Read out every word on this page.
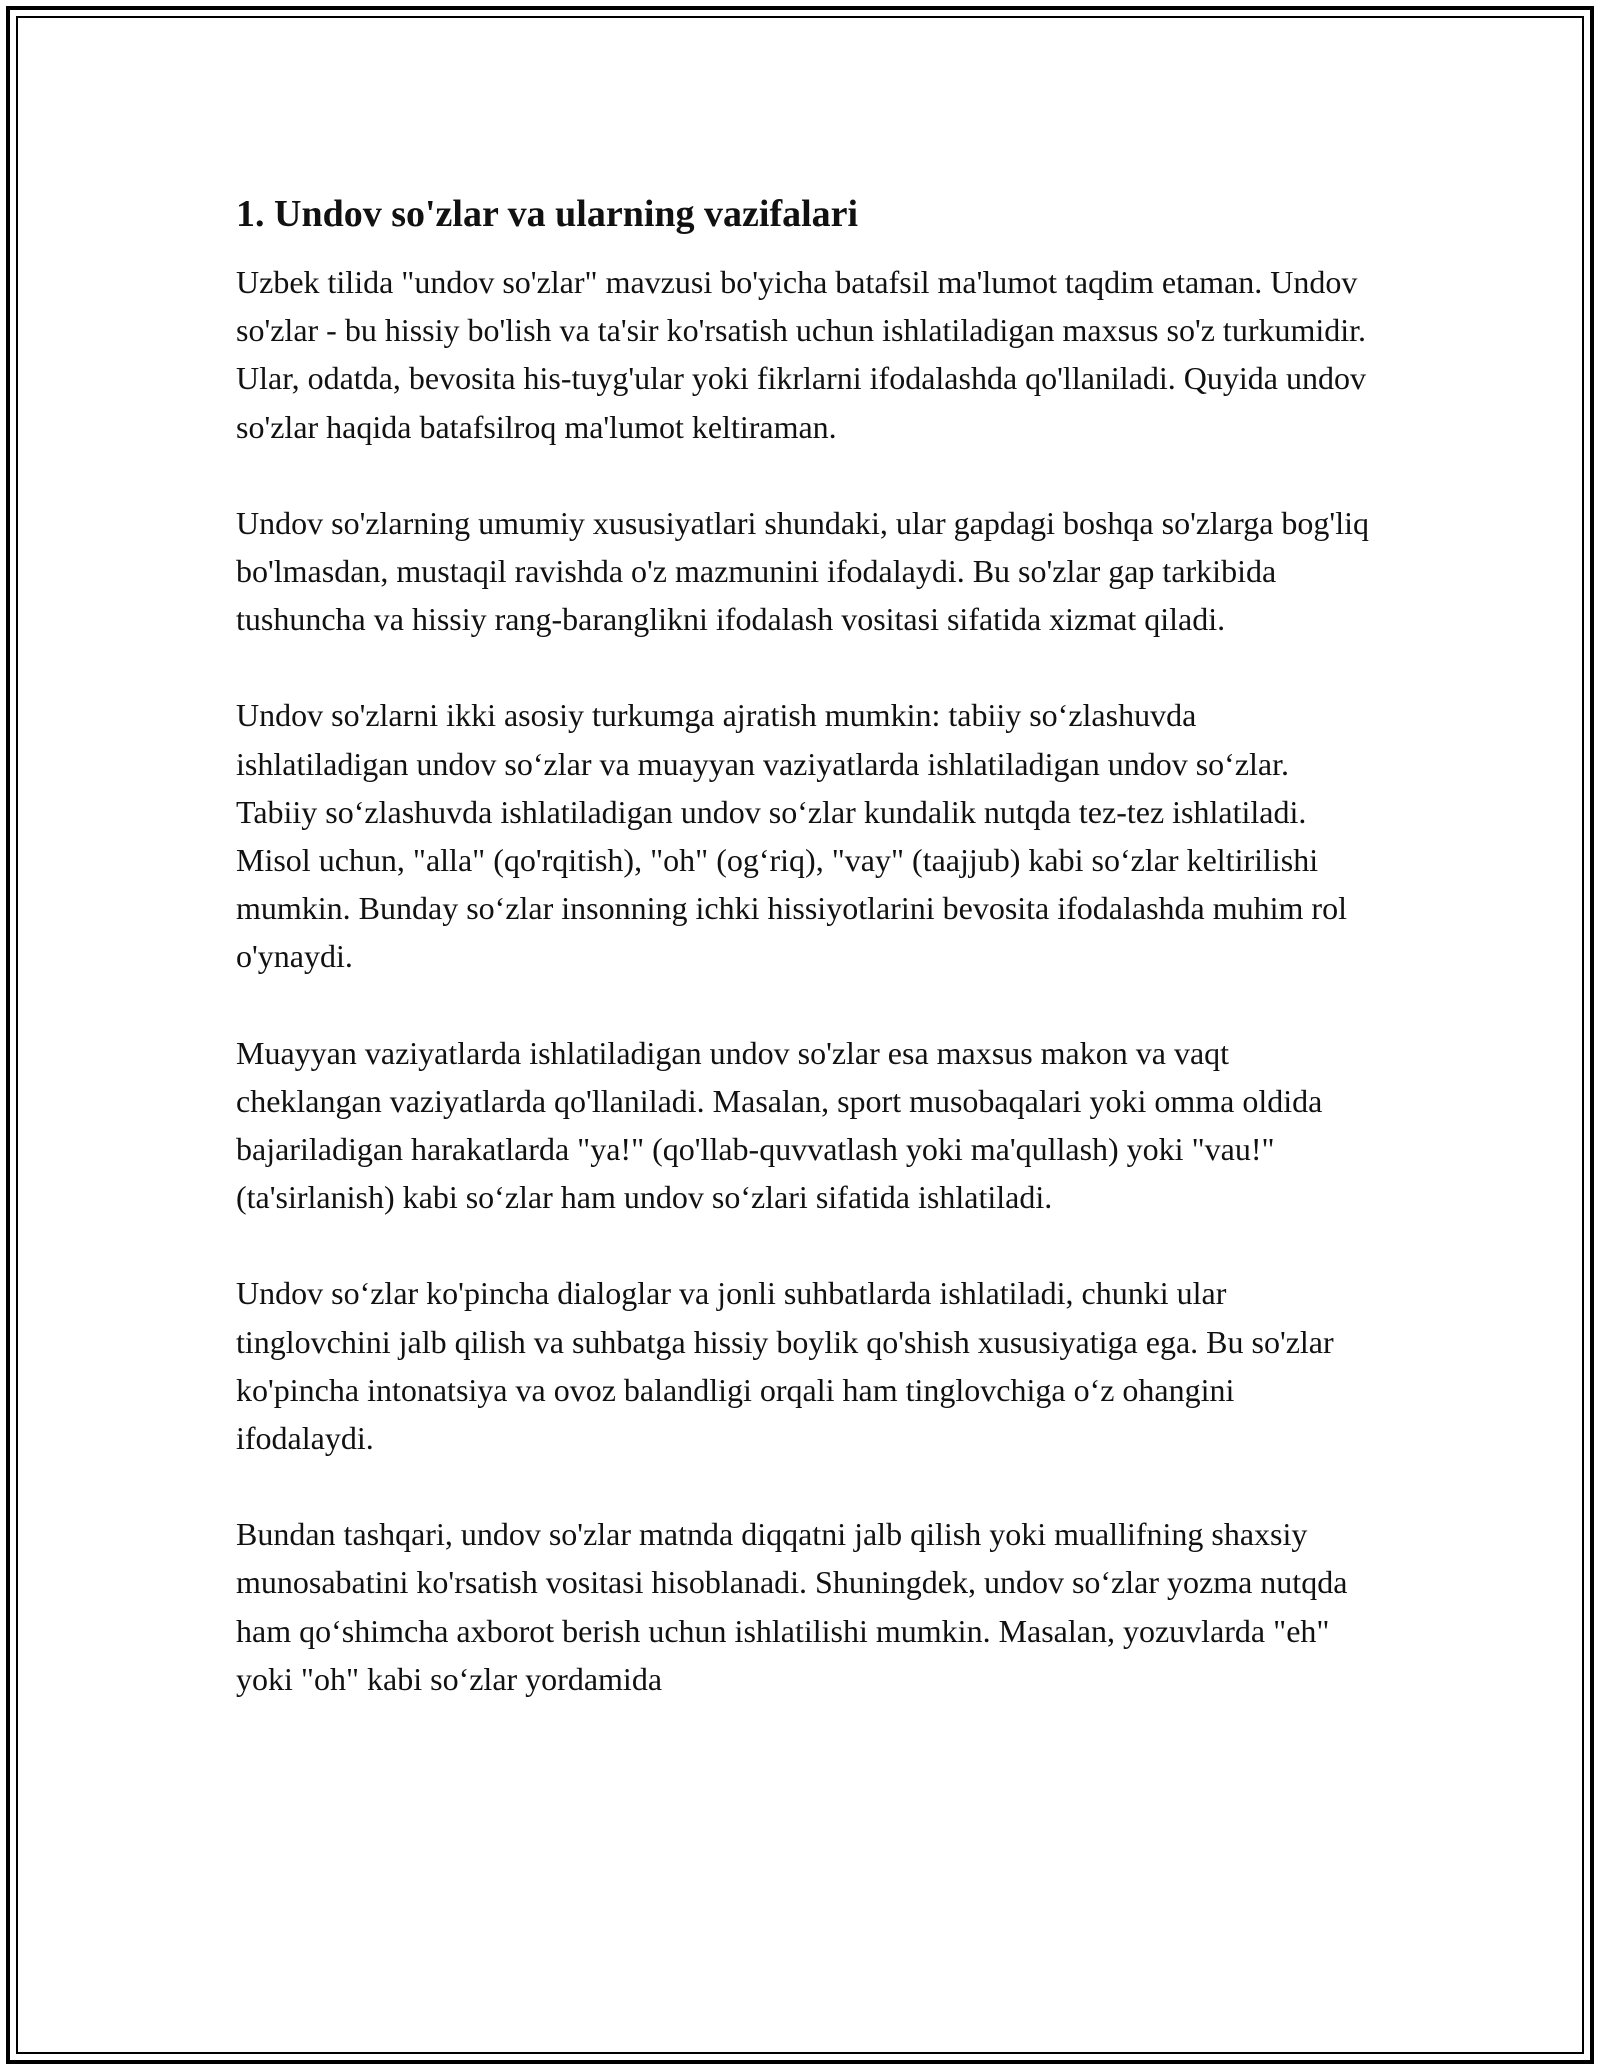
1. Undov so'zlar va ularning vazifalari

Uzbek tilida "undov so'zlar" mavzusi bo'yicha batafsil ma'lumot taqdim etaman. Undov so'zlar - bu hissiy bo'lish va ta'sir ko'rsatish uchun ishlatiladigan maxsus so'z turkumidir. Ular, odatda, bevosita his-tuyg'ular yoki fikrlarni ifodalashda qo'llaniladi. Quyida undov so'zlar haqida batafsilroq ma'lumot keltiraman.

Undov so'zlarning umumiy xususiyatlari shundaki, ular gapdagi boshqa so'zlarga bog'liq bo'lmasdan, mustaqil ravishda o'z mazmunini ifodalaydi. Bu so'zlar gap tarkibida tushuncha va hissiy rang-baranglikni ifodalash vositasi sifatida xizmat qiladi.

Undov so'zlarni ikki asosiy turkumga ajratish mumkin: tabiiy so‘zlashuvda ishlatiladigan undov so‘zlar va muayyan vaziyatlarda ishlatiladigan undov so‘zlar. Tabiiy so‘zlashuvda ishlatiladigan undov so‘zlar kundalik nutqda tez-tez ishlatiladi. Misol uchun, "alla" (qo'rqitish), "oh" (og‘riq), "vay" (taajjub) kabi so‘zlar keltirilishi mumkin. Bunday so‘zlar insonning ichki hissiyotlarini bevosita ifodalashda muhim rol o'ynaydi.

Muayyan vaziyatlarda ishlatiladigan undov so'zlar esa maxsus makon va vaqt cheklangan vaziyatlarda qo'llaniladi. Masalan, sport musobaqalari yoki omma oldida bajariladigan harakatlarda "ya!" (qo'llab-quvvatlash yoki ma'qullash) yoki "vau!" (ta'sirlanish) kabi so‘zlar ham undov so‘zlari sifatida ishlatiladi.

Undov so‘zlar ko'pincha dialoglar va jonli suhbatlarda ishlatiladi, chunki ular tinglovchini jalb qilish va suhbatga hissiy boylik qo'shish xususiyatiga ega. Bu so'zlar ko'pincha intonatsiya va ovoz balandligi orqali ham tinglovchiga o‘z ohangini ifodalaydi.

Bundan tashqari, undov so'zlar matnda diqqatni jalb qilish yoki muallifning shaxsiy munosabatini ko'rsatish vositasi hisoblanadi. Shuningdek, undov so‘zlar yozma nutqda ham qo‘shimcha axborot berish uchun ishlatilishi mumkin. Masalan, yozuvlarda "eh" yoki "oh" kabi so‘zlar yordamida
